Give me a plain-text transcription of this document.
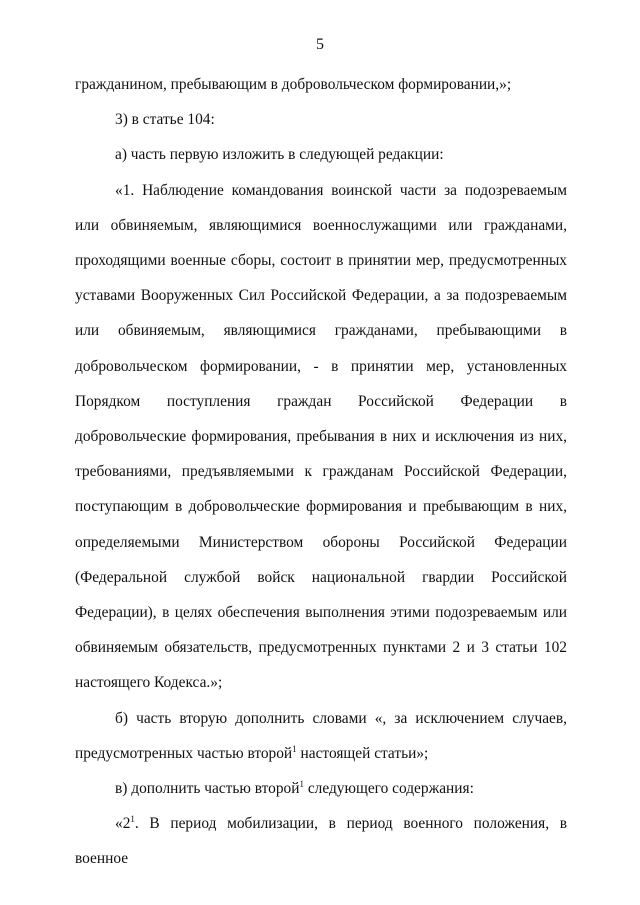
5

гражданином, пребывающим в добровольческом формировании,»;

3) в статье 104:

а) часть первую изложить в следующей редакции:

«1. Наблюдение командования воинской части за подозреваемым или обвиняемым, являющимися военнослужащими или гражданами, проходящими военные сборы, состоит в принятии мер, предусмотренных уставами Вооруженных Сил Российской Федерации, а за подозреваемым или обвиняемым, являющимися гражданами, пребывающими в добровольческом формировании, - в принятии мер, установленных Порядком поступления граждан Российской Федерации в добровольческие формирования, пребывания в них и исключения из них, требованиями, предъявляемыми к гражданам Российской Федерации, поступающим в добровольческие формирования и пребывающим в них, определяемыми Министерством обороны Российской Федерации (Федеральной службой войск национальной гвардии Российской Федерации), в целях обеспечения выполнения этими подозреваемым или обвиняемым обязательств, предусмотренных пунктами 2 и 3 статьи 102 настоящего Кодекса.»;

б) часть вторую дополнить словами «, за исключением случаев, предусмотренных частью второй$^1$ настоящей статьи»;

в) дополнить частью второй$^1$ следующего содержания:

«$2^1$. В период мобилизации, в период военного положения, в военное
